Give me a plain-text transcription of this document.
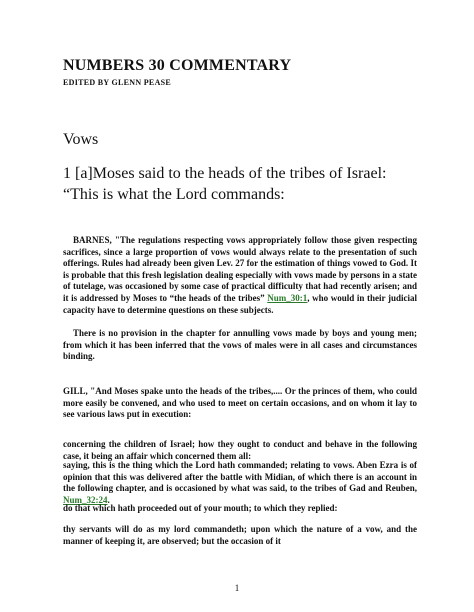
NUMBERS 30 COMMENTARY
EDITED BY GLENN PEASE
Vows
1 [a]Moses said to the heads of the tribes of Israel:
“This is what the Lord commands:
BARNES, "The regulations respecting vows appropriately follow those given respecting sacrifices, since a large proportion of vows would always relate to the presentation of such offerings. Rules had already been given Lev. 27 for the estimation of things vowed to God. It is probable that this fresh legislation dealing especially with vows made by persons in a state of tutelage, was occasioned by some case of practical difficulty that had recently arisen; and it is addressed by Moses to “the heads of the tribes” Num_30:1, who would in their judicial capacity have to determine questions on these subjects.
There is no provision in the chapter for annulling vows made by boys and young men; from which it has been inferred that the vows of males were in all cases and circumstances binding.
GILL, "And Moses spake unto the heads of the tribes,.... Or the princes of them, who could more easily be convened, and who used to meet on certain occasions, and on whom it lay to see various laws put in execution:
concerning the children of Israel; how they ought to conduct and behave in the following case, it being an affair which concerned them all:
saying, this is the thing which the Lord hath commanded; relating to vows. Aben Ezra is of opinion that this was delivered after the battle with Midian, of which there is an account in the following chapter, and is occasioned by what was said, to the tribes of Gad and Reuben, Num_32:24.
do that which hath proceeded out of your mouth; to which they replied:
thy servants will do as my lord commandeth; upon which the nature of a vow, and the manner of keeping it, are observed; but the occasion of it
1
